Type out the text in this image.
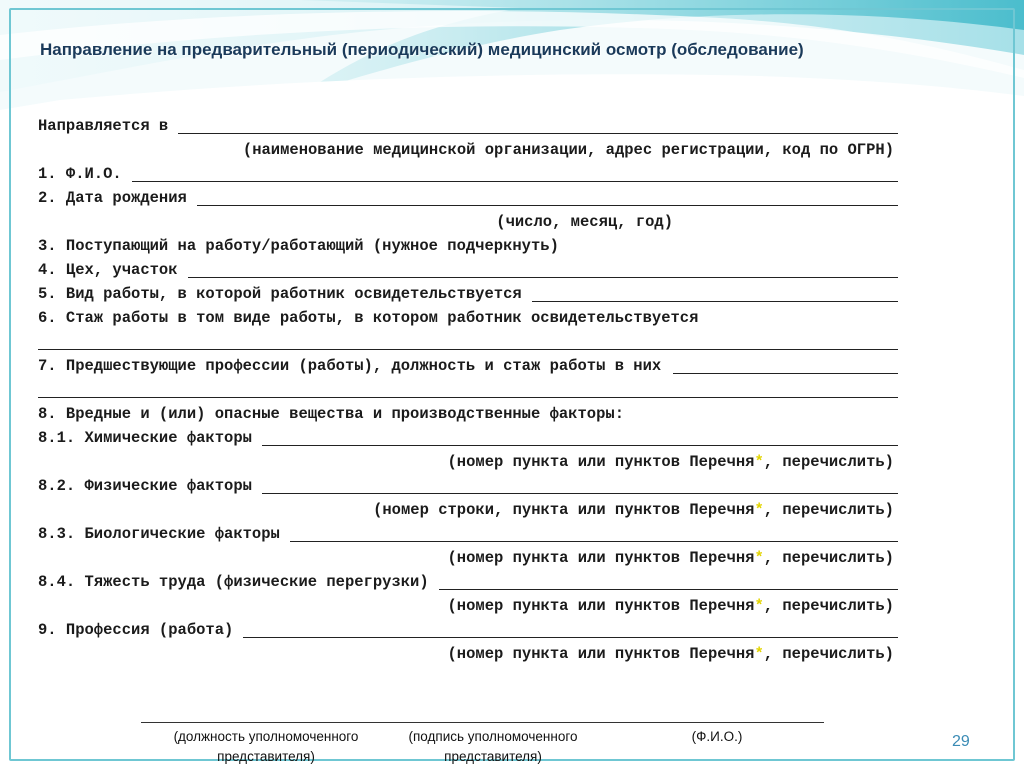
Направление на предварительный (периодический) медицинский осмотр (обследование)
Направляется в
(наименование медицинской организации, адрес регистрации, код по ОГРН)
1. Ф.И.О.
2. Дата рождения
(число, месяц, год)
3. Поступающий на работу/работающий (нужное подчеркнуть)
4. Цех, участок
5. Вид работы, в которой работник освидетельствуется
6. Стаж работы в том виде работы, в котором работник освидетельствуется
7. Предшествующие профессии (работы), должность и стаж работы в них
8. Вредные и (или) опасные вещества и производственные факторы:
8.1. Химические факторы
(номер пункта или пунктов Перечня*, перечислить)
8.2. Физические факторы
(номер строки, пункта или пунктов Перечня*, перечислить)
8.3. Биологические факторы
(номер пункта или пунктов Перечня*, перечислить)
8.4. Тяжесть труда (физические перегрузки)
(номер пункта или пунктов Перечня*, перечислить)
9. Профессия (работа)
(номер пункта или пунктов Перечня*, перечислить)
(должность уполномоченного
представителя)
(подпись уполномоченного
представителя)
(Ф.И.О.)	29
